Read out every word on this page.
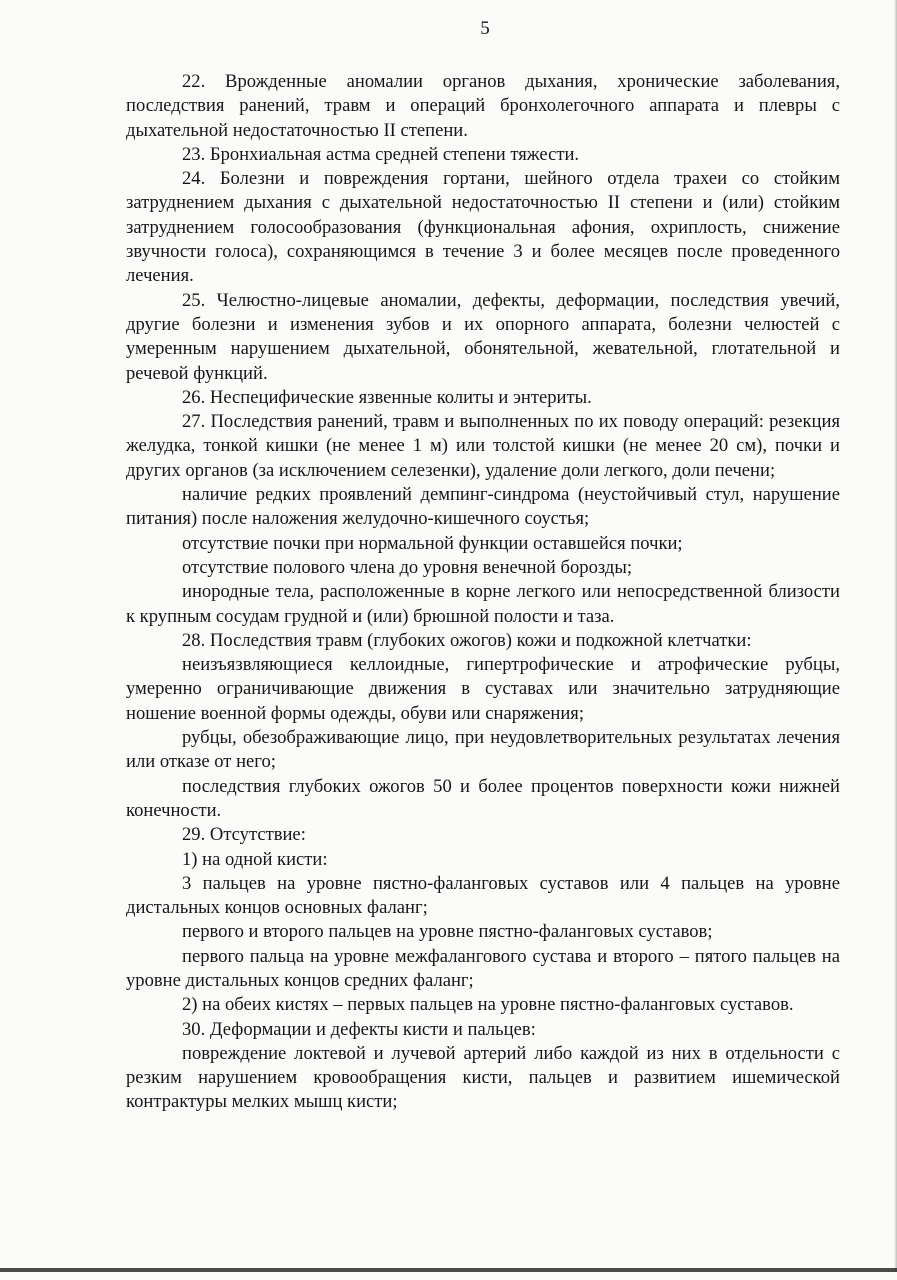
5

22. Врожденные аномалии органов дыхания, хронические заболевания, последствия ранений, травм и операций бронхолегочного аппарата и плевры с дыхательной недостаточностью II степени.

23. Бронхиальная астма средней степени тяжести.

24. Болезни и повреждения гортани, шейного отдела трахеи со стойким затруднением дыхания с дыхательной недостаточностью II степени и (или) стойким затруднением голосообразования (функциональная афония, охриплость, снижение звучности голоса), сохраняющимся в течение 3 и более месяцев после проведенного лечения.

25. Челюстно-лицевые аномалии, дефекты, деформации, последствия увечий, другие болезни и изменения зубов и их опорного аппарата, болезни челюстей с умеренным нарушением дыхательной, обонятельной, жевательной, глотательной и речевой функций.

26. Неспецифические язвенные колиты и энтериты.

27. Последствия ранений, травм и выполненных по их поводу операций: резекция желудка, тонкой кишки (не менее 1 м) или толстой кишки (не менее 20 см), почки и других органов (за исключением селезенки), удаление доли легкого, доли печени;

наличие редких проявлений демпинг-синдрома (неустойчивый стул, нарушение питания) после наложения желудочно-кишечного соустья;

отсутствие почки при нормальной функции оставшейся почки;

отсутствие полового члена до уровня венечной борозды;

инородные тела, расположенные в корне легкого или непосредственной близости к крупным сосудам грудной и (или) брюшной полости и таза.

28. Последствия травм (глубоких ожогов) кожи и подкожной клетчатки:

неизъязвляющиеся келлоидные, гипертрофические и атрофические рубцы, умеренно ограничивающие движения в суставах или значительно затрудняющие ношение военной формы одежды, обуви или снаряжения;

рубцы, обезображивающие лицо, при неудовлетворительных результатах лечения или отказе от него;

последствия глубоких ожогов 50 и более процентов поверхности кожи нижней конечности.

29. Отсутствие:

1) на одной кисти:

3 пальцев на уровне пястно-фаланговых суставов или 4 пальцев на уровне дистальных концов основных фаланг;

первого и второго пальцев на уровне пястно-фаланговых суставов;

первого пальца на уровне межфалангового сустава и второго – пятого пальцев на уровне дистальных концов средних фаланг;

2) на обеих кистях – первых пальцев на уровне пястно-фаланговых суставов.

30. Деформации и дефекты кисти и пальцев:

повреждение локтевой и лучевой артерий либо каждой из них в отдельности с резким нарушением кровообращения кисти, пальцев и развитием ишемической контрактуры мелких мышц кисти;
